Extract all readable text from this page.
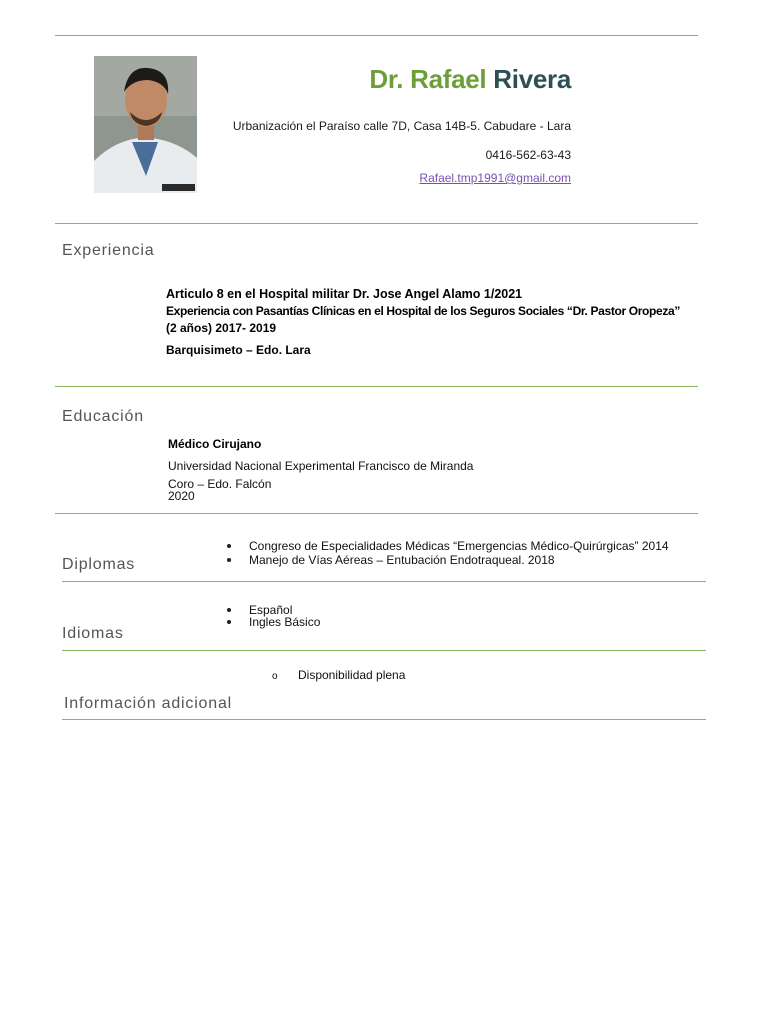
Dr. Rafael Rivera
Urbanización el Paraíso calle 7D, Casa 14B-5. Cabudare - Lara
0416-562-63-43
Rafael.tmp1991@gmail.com
Experiencia
Articulo 8 en el Hospital militar Dr. Jose Angel Alamo 1/2021
Experiencia con Pasantías Clínicas en el Hospital de los Seguros Sociales “Dr. Pastor Oropeza”
(2 años) 2017- 2019
Barquisimeto – Edo. Lara
Educación
Médico Cirujano
Universidad Nacional Experimental Francisco de Miranda
Coro – Edo. Falcón
2020
Congreso de Especialidades Médicas “Emergencias Médico-Quirúrgicas” 2014
Manejo de Vías Aéreas – Entubación Endotraqueal. 2018
Diplomas
Español
Ingles Básico
Idiomas
o Disponibilidad plena
Información adicional
